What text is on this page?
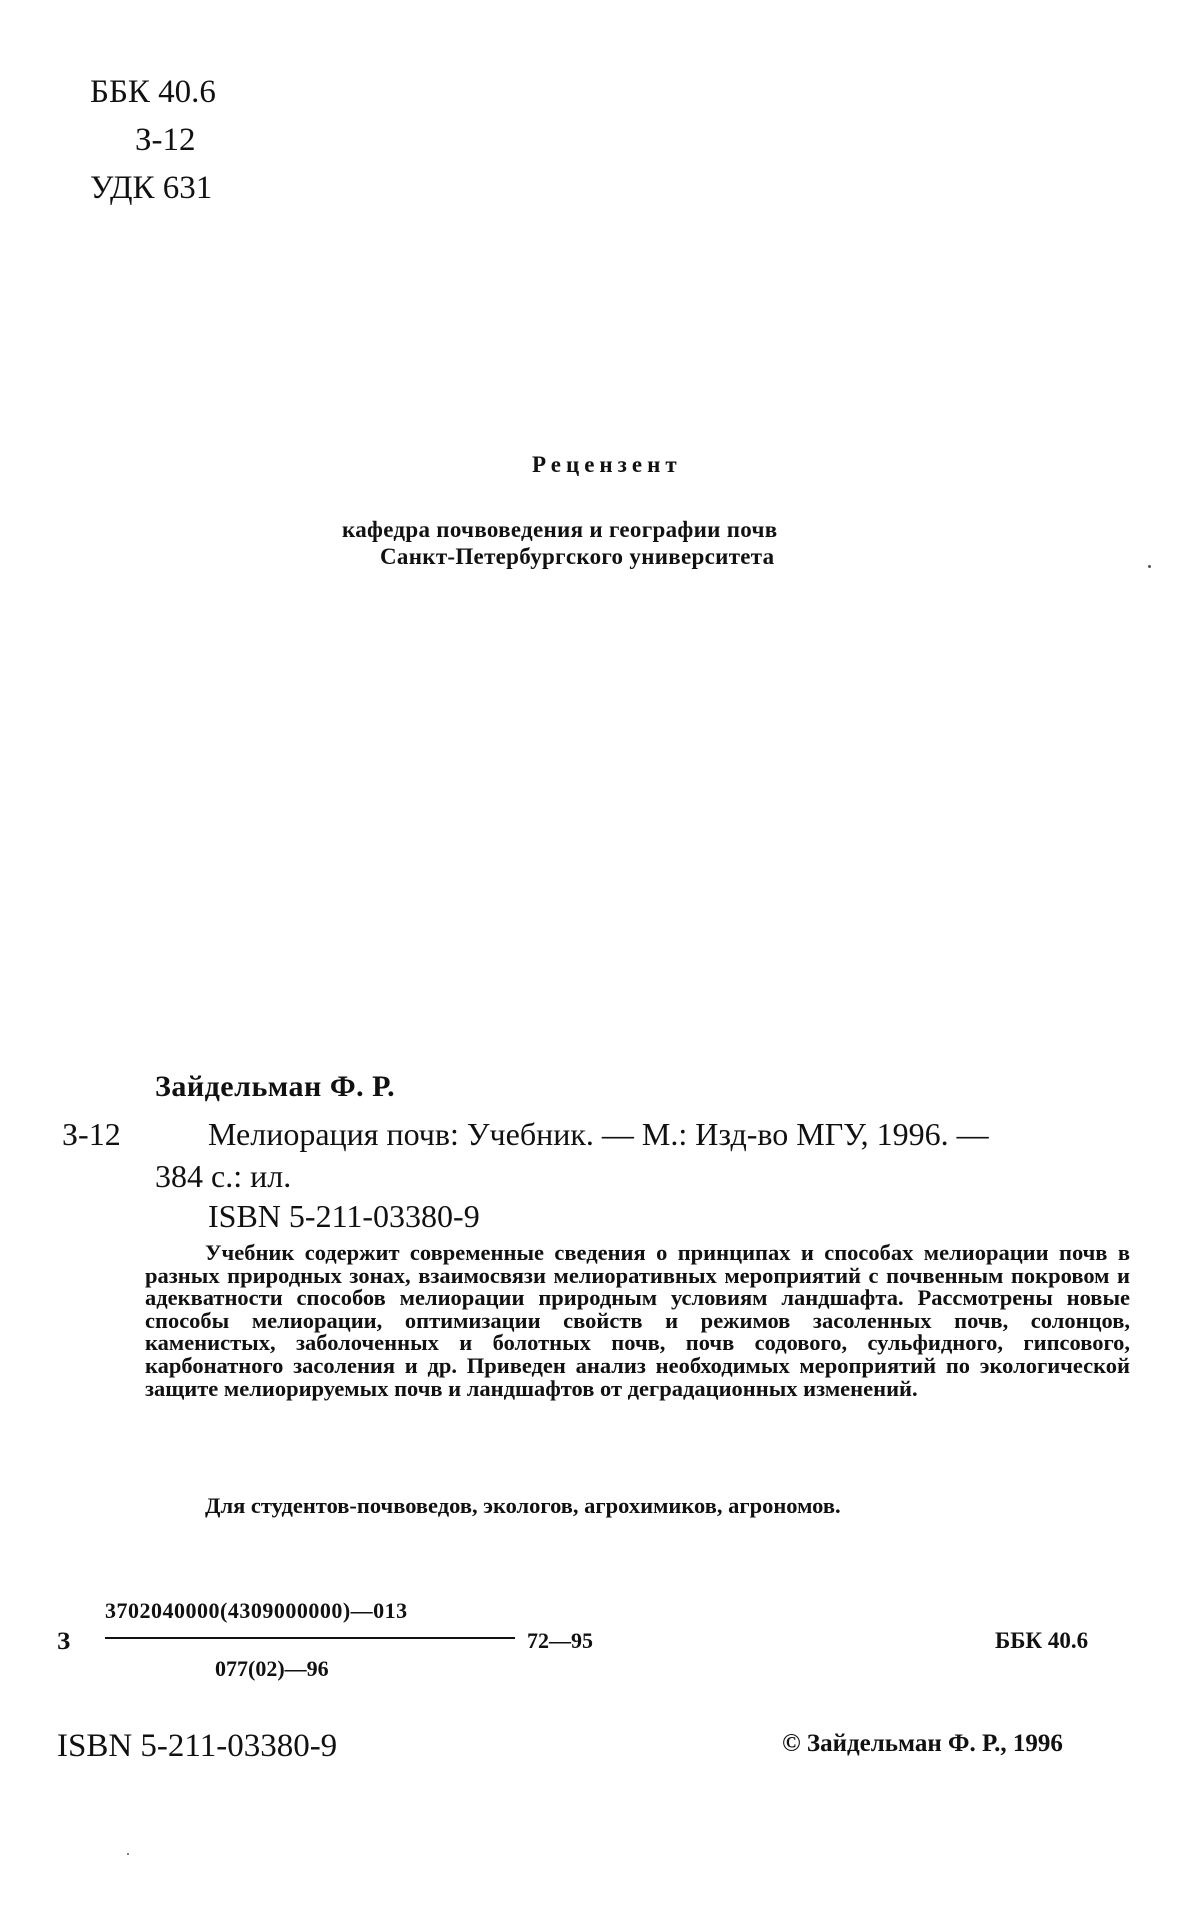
ББК 40.6
З-12
УДК 631
Рецензент
кафедра почвоведения и географии почв
Санкт-Петербургского университета
Зайдельман Ф. Р.
З-12	Мелиорация почв: Учебник. — М.: Изд-во МГУ, 1996. —
384 с.: ил.
ISBN 5-211-03380-9
Учебник содержит современные сведения о принципах и способах мелиорации почв в разных природных зонах, взаимосвязи мелиоративных мероприятий с почвенным покровом и адекватности способов мелиорации природным условиям ландшафта. Рассмотрены новые способы мелиорации, оптимизации свойств и режимов засоленных почв, солонцов, каменистых, заболоченных и болотных почв, почв содового, сульфидного, гипсового, карбонатного засоления и др. Приведен анализ необходимых мероприятий по экологической защите мелиорируемых почв и ландшафтов от деградационных изменений.
Для студентов-почвоведов, экологов, агрохимиков, агрономов.
З
3702040000(4309000000)—013
077(02)—96
72—95	ББК 40.6
ISBN 5-211-03380-9	© Зайдельман Ф. Р., 1996
